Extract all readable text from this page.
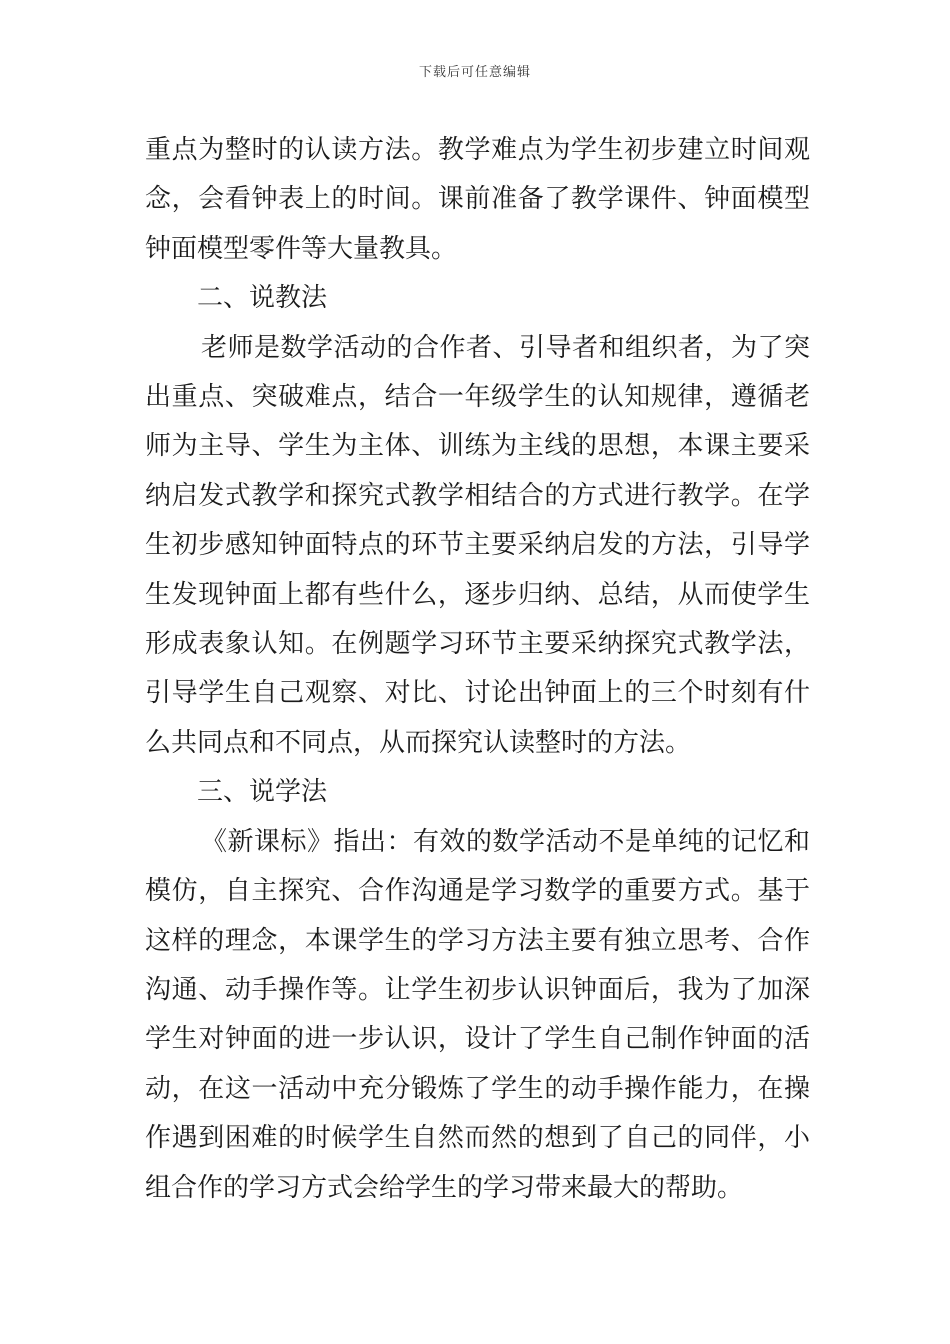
下载后可任意编辑

重点为整时的认读方法。教学难点为学生初步建立时间观念，会看钟表上的时间。课前准备了教学课件、钟面模型钟面模型零件等大量教具。

二、说教法

老师是数学活动的合作者、引导者和组织者，为了突出重点、突破难点，结合一年级学生的认知规律，遵循老师为主导、学生为主体、训练为主线的思想，本课主要采纳启发式教学和探究式教学相结合的方式进行教学。在学生初步感知钟面特点的环节主要采纳启发的方法，引导学生发现钟面上都有些什么，逐步归纳、总结，从而使学生形成表象认知。在例题学习环节主要采纳探究式教学法，引导学生自己观察、对比、讨论出钟面上的三个时刻有什么共同点和不同点，从而探究认读整时的方法。

三、说学法

《新课标》指出：有效的数学活动不是单纯的记忆和模仿，自主探究、合作沟通是学习数学的重要方式。基于这样的理念，本课学生的学习方法主要有独立思考、合作沟通、动手操作等。让学生初步认识钟面后，我为了加深学生对钟面的进一步认识，设计了学生自己制作钟面的活动，在这一活动中充分锻炼了学生的动手操作能力，在操作遇到困难的时候学生自然而然的想到了自己的同伴，小组合作的学习方式会给学生的学习带来最大的帮助。
